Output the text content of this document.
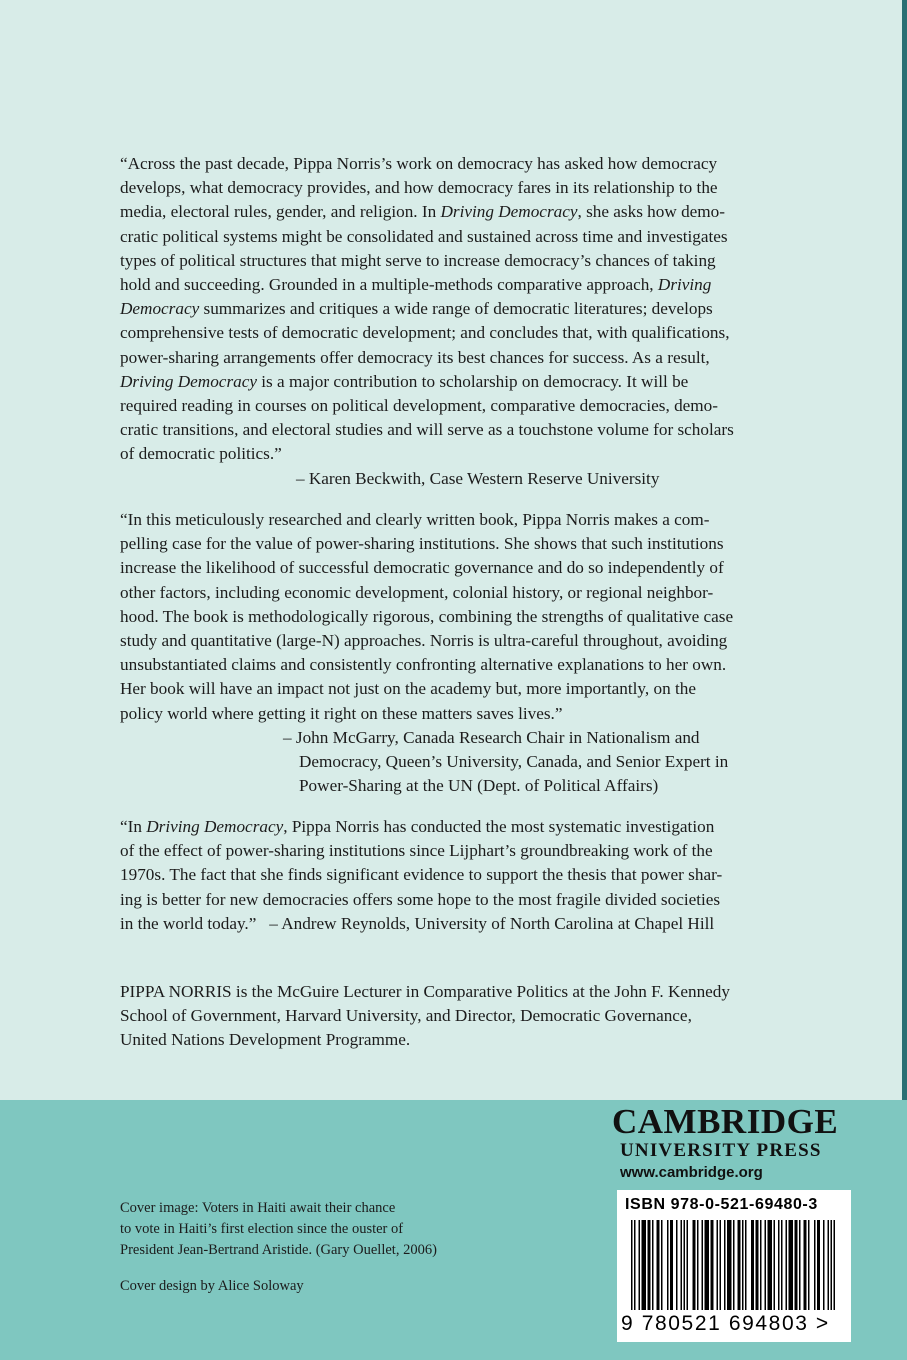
“Across the past decade, Pippa Norris’s work on democracy has asked how democracy
develops, what democracy provides, and how democracy fares in its relationship to the
media, electoral rules, gender, and religion. In Driving Democracy, she asks how demo-
cratic political systems might be consolidated and sustained across time and investigates
types of political structures that might serve to increase democracy’s chances of taking
hold and succeeding. Grounded in a multiple-methods comparative approach, Driving
Democracy summarizes and critiques a wide range of democratic literatures; develops
comprehensive tests of democratic development; and concludes that, with qualifications,
power-sharing arrangements offer democracy its best chances for success. As a result,
Driving Democracy is a major contribution to scholarship on democracy. It will be
required reading in courses on political development, comparative democracies, demo-
cratic transitions, and electoral studies and will serve as a touchstone volume for scholars
of democratic politics.”

– Karen Beckwith, Case Western Reserve University

“In this meticulously researched and clearly written book, Pippa Norris makes a com-
pelling case for the value of power-sharing institutions. She shows that such institutions
increase the likelihood of successful democratic governance and do so independently of
other factors, including economic development, colonial history, or regional neighbor-
hood. The book is methodologically rigorous, combining the strengths of qualitative case
study and quantitative (large-N) approaches. Norris is ultra-careful throughout, avoiding
unsubstantiated claims and consistently confronting alternative explanations to her own.
Her book will have an impact not just on the academy but, more importantly, on the
policy world where getting it right on these matters saves lives.”

– John McGarry, Canada Research Chair in Nationalism and
Democracy, Queen’s University, Canada, and Senior Expert in
Power-Sharing at the UN (Dept. of Political Affairs)

“In Driving Democracy, Pippa Norris has conducted the most systematic investigation
of the effect of power-sharing institutions since Lijphart’s groundbreaking work of the
1970s. The fact that she finds significant evidence to support the thesis that power shar-
ing is better for new democracies offers some hope to the most fragile divided societies
in the world today.” – Andrew Reynolds, University of North Carolina at Chapel Hill

PIPPA NORRIS is the McGuire Lecturer in Comparative Politics at the John F. Kennedy
School of Government, Harvard University, and Director, Democratic Governance,
United Nations Development Programme.
Cover image: Voters in Haiti await their chance
to vote in Haiti’s first election since the ouster of
President Jean-Bertrand Aristide. (Gary Ouellet, 2006)
Cover design by Alice Soloway
CAMBRIDGE
UNIVERSITY PRESS
www.cambridge.org
ISBN 978-0-521-69480-3
9 780521 694803 >
